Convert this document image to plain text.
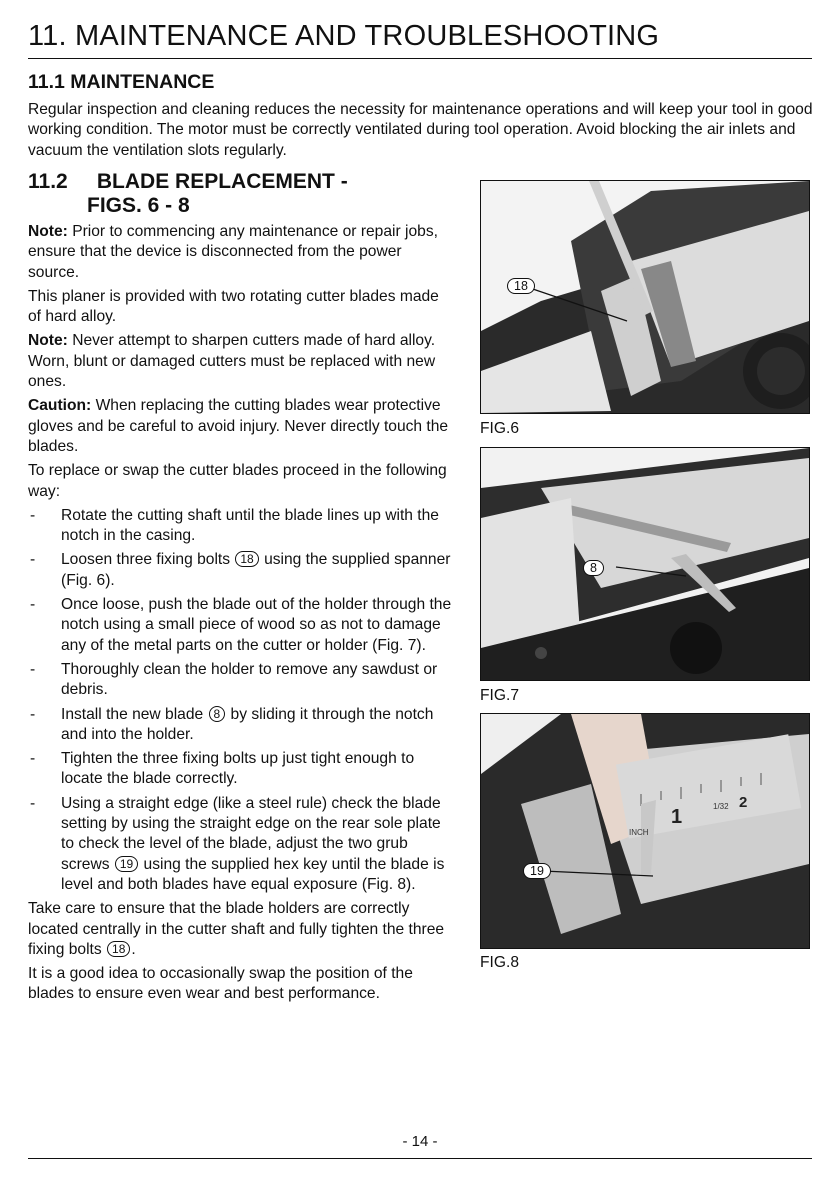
11. MAINTENANCE AND TROUBLESHOOTING
11.1 MAINTENANCE

Regular inspection and cleaning reduces the necessity for maintenance operations and will keep your tool in good working condition. The motor must be correctly ventilated during tool operation. Avoid blocking the air inlets and vacuum the ventilation slots regularly.

11.2     BLADE REPLACEMENT -
FIGS. 6 - 8

Note: Prior to commencing any maintenance or repair jobs, ensure that the device is disconnected from the power source.

This planer is provided with two rotating cutter blades made of hard alloy.

Note: Never attempt to sharpen cutters made of hard alloy. Worn, blunt or damaged cutters must be replaced with new ones.

Caution: When replacing the cutting blades wear protective gloves and be careful to avoid injury. Never directly touch the blades.

To replace or swap the cutter blades proceed in the following way:

- Rotate the cutting shaft until the blade lines up with the notch in the casing.
- Loosen three fixing bolts 18 using the supplied spanner (Fig. 6).
- Once loose, push the blade out of the holder through the notch using a small piece of wood so as not to damage any of the metal parts on the cutter or holder (Fig. 7).
- Thoroughly clean the holder to remove any sawdust or debris.
- Install the new blade 8 by sliding it through the notch and into the holder.
- Tighten the three fixing bolts up just tight enough to locate the blade correctly.
- Using a straight edge (like a steel rule) check the blade setting by using the straight edge on the rear sole plate to check the level of the blade, adjust the two grub screws 19 using the supplied hex key until the blade is level and both blades have equal exposure (Fig. 8).

Take care to ensure that the blade holders are correctly located centrally in the cutter shaft and fully tighten the three fixing bolts 18 .

It is a good idea to occasionally swap the position of the blades to ensure even wear and best performance.

18
FIG.6
8
FIG.7
1
2
INCH
1/32
19
FIG.8
- 14 -
